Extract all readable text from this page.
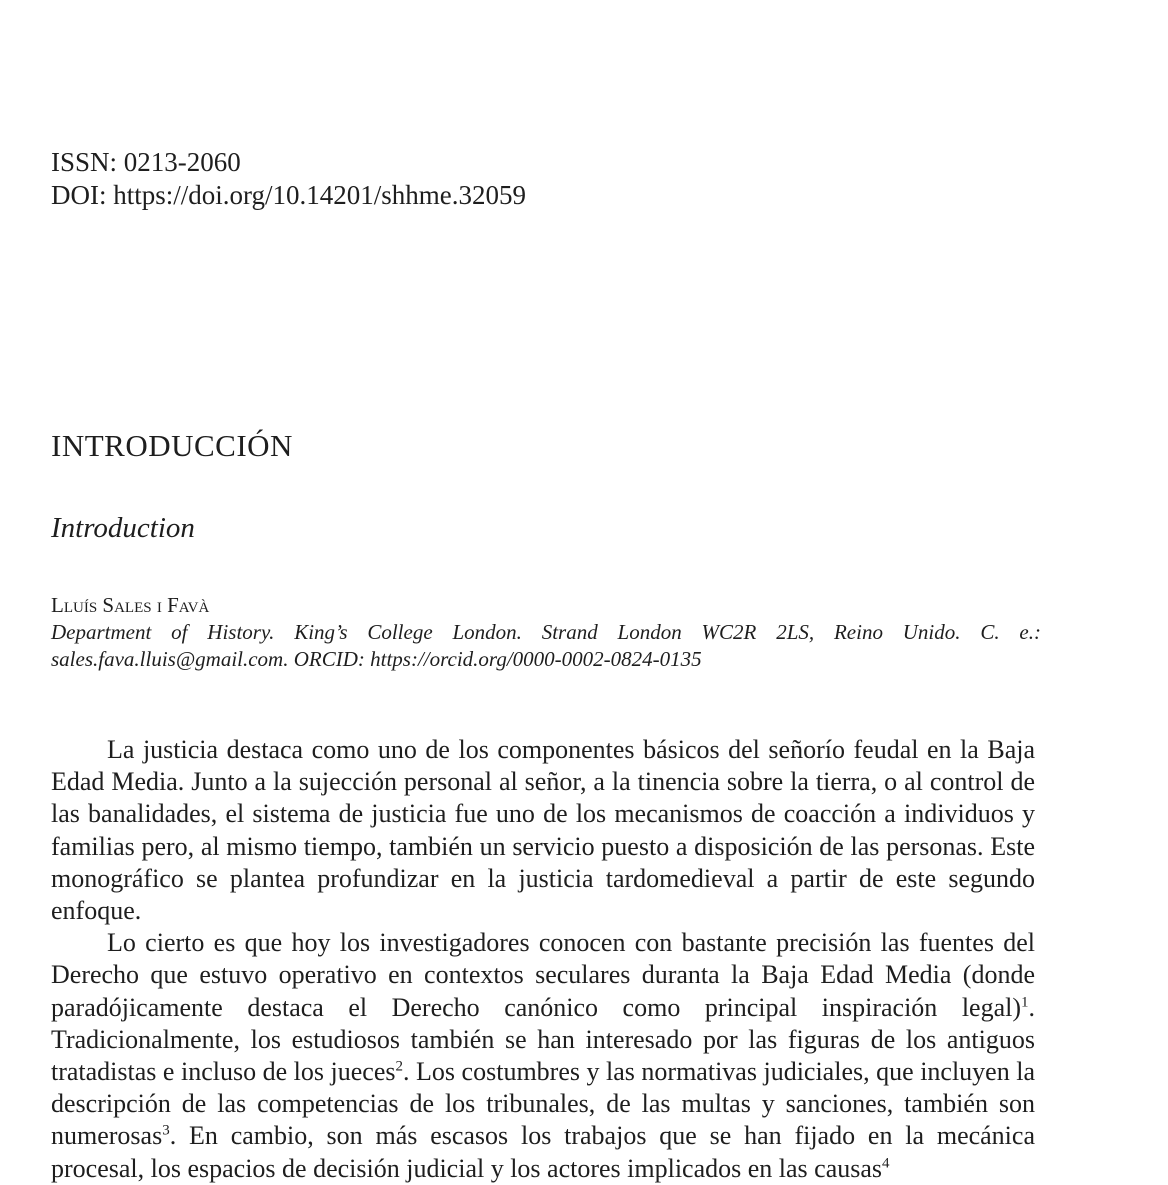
ISSN: 0213-2060
DOI: https://doi.org/10.14201/shhme.32059
INTRODUCCIÓN
Introduction
Lluís Sales i Favà
Department of History. King’s College London. Strand London WC2R 2LS, Reino Unido. C. e.: sales.fava.lluis@gmail.com. ORCID: https://orcid.org/0000-0002-0824-0135

La justicia destaca como uno de los componentes básicos del señorío feudal en la Baja Edad Media. Junto a la sujección personal al señor, a la tinencia sobre la tierra, o al control de las banalidades, el sistema de justicia fue uno de los mecanismos de coacción a individuos y familias pero, al mismo tiempo, también un servicio puesto a disposición de las personas. Este monográfico se plantea profundizar en la justicia tardomedieval a partir de este segundo enfoque.

Lo cierto es que hoy los investigadores conocen con bastante precisión las fuentes del Derecho que estuvo operativo en contextos seculares duranta la Baja Edad Media (donde paradójicamente destaca el Derecho canónico como principal inspiración legal)$^1$. Tradicionalmente, los estudiosos también se han interesado por las figuras de los antiguos tratadistas e incluso de los jueces$^2$. Los costumbres y las normativas judiciales, que incluyen la descripción de las competencias de los tribunales, de las multas y sanciones, también son numerosas$^3$. En cambio, son más escasos los trabajos que se han fijado en la mecánica procesal, los espacios de decisión judicial y los actores implicados en las causas$^4$
